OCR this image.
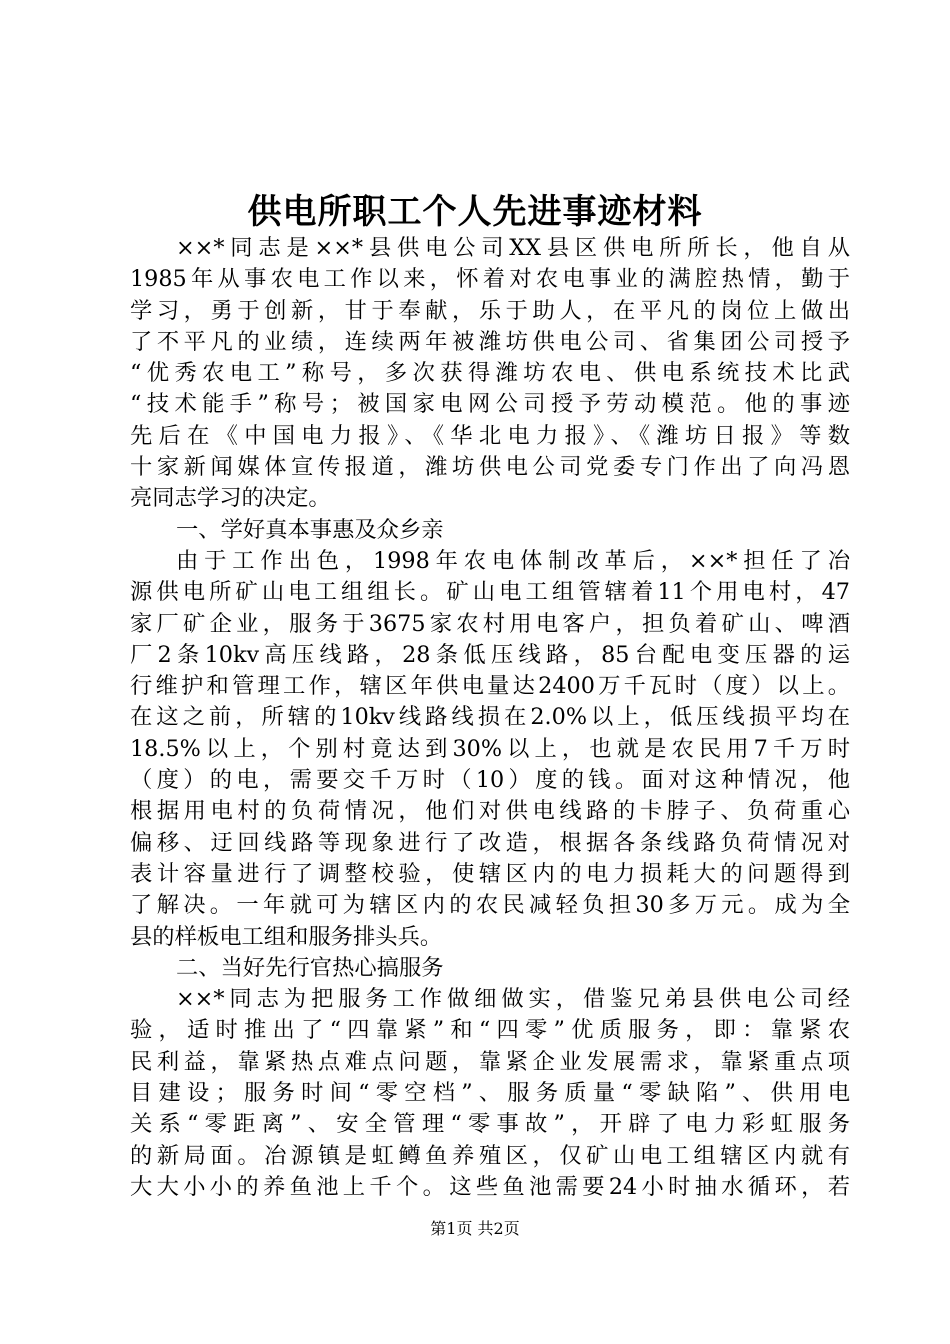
供电所职工个人先进事迹材料
××*同志是××*县供电公司XX县区供电所所长，他自从
1985年从事农电工作以来，怀着对农电事业的满腔热情，勤于
学习，勇于创新，甘于奉献，乐于助人，在平凡的岗位上做出
了不平凡的业绩，连续两年被潍坊供电公司、省集团公司授予
“优秀农电工”称号，多次获得潍坊农电、供电系统技术比武
“技术能手”称号；被国家电网公司授予劳动模范。他的事迹
先后在《中国电力报》、《华北电力报》、《潍坊日报》等数
十家新闻媒体宣传报道，潍坊供电公司党委专门作出了向冯恩
亮同志学习的决定。
一、学好真本事惠及众乡亲
由于工作出色，1998年农电体制改革后，××*担任了冶
源供电所矿山电工组组长。矿山电工组管辖着11个用电村，47
家厂矿企业，服务于3675家农村用电客户，担负着矿山、啤酒
厂2条10kv高压线路，28条低压线路，85台配电变压器的运
行维护和管理工作，辖区年供电量达2400万千瓦时（度）以上。
在这之前，所辖的10kv线路线损在2.0%以上，低压线损平均在
18.5%以上，个别村竟达到30%以上，也就是农民用7千万时
（度）的电，需要交千万时（10）度的钱。面对这种情况，他
根据用电村的负荷情况，他们对供电线路的卡脖子、负荷重心
偏移、迂回线路等现象进行了改造，根据各条线路负荷情况对
表计容量进行了调整校验，使辖区内的电力损耗大的问题得到
了解决。一年就可为辖区内的农民减轻负担30多万元。成为全
县的样板电工组和服务排头兵。
二、当好先行官热心搞服务
××*同志为把服务工作做细做实，借鉴兄弟县供电公司经
验，适时推出了“四靠紧”和“四零”优质服务，即：靠紧农
民利益，靠紧热点难点问题，靠紧企业发展需求，靠紧重点项
目建设；服务时间“零空档”、服务质量“零缺陷”、供用电
关系“零距离”、安全管理“零事故”，开辟了电力彩虹服务
的新局面。冶源镇是虹鳟鱼养殖区，仅矿山电工组辖区内就有
大大小小的养鱼池上千个。这些鱼池需要24小时抽水循环，若
第1页 共2页
